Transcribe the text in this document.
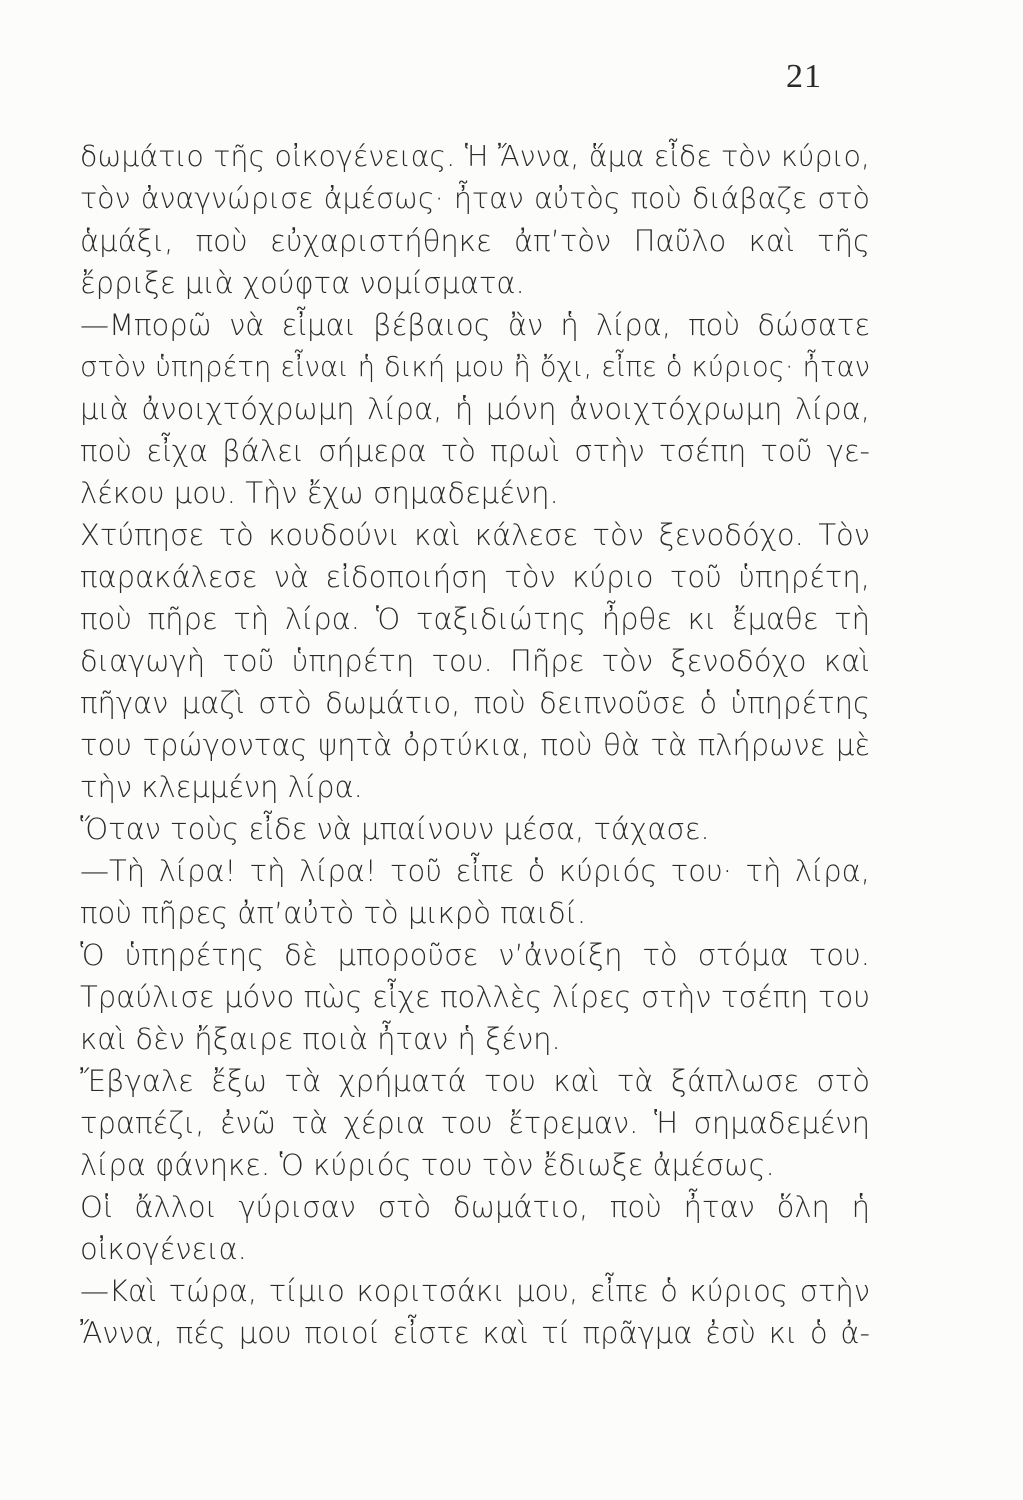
21
δωμάτιο τῆς οἰκογένειας. Ἡ Ἄννα, ἅμα εἶδε τὸν κύριο,
τὸν ἀναγνώρισε ἀμέσως· ἦταν αὐτὸς ποὺ διάβαζε στὸ
ἁμάξι, ποὺ εὐχαριστήθηκε ἀπ’τὸν Παῦλο καὶ τῆς
ἔρριξε μιὰ χούφτα νομίσματα.
—Μπορῶ νὰ εἶμαι βέβαιος ἂν ἡ λίρα, ποὺ δώσατε
στὸν ὑπηρέτη εἶναι ἡ δική μου ἢ ὄχι, εἶπε ὁ κύριος· ἦταν
μιὰ ἀνοιχτόχρωμη λίρα, ἡ μόνη ἀνοιχτόχρωμη λίρα,
ποὺ εἶχα βάλει σήμερα τὸ πρωὶ στὴν τσέπη τοῦ γε-
λέκου μου. Τὴν ἔχω σημαδεμένη.
Χτύπησε τὸ κουδούνι καὶ κάλεσε τὸν ξενοδόχο. Τὸν
παρακάλεσε νὰ εἰδοποιήση τὸν κύριο τοῦ ὑπηρέτη,
ποὺ πῆρε τὴ λίρα. Ὁ ταξιδιώτης ἦρθε κι ἔμαθε τὴ
διαγωγὴ τοῦ ὑπηρέτη του. Πῆρε τὸν ξενοδόχο καὶ
πῆγαν μαζὶ στὸ δωμάτιο, ποὺ δειπνοῦσε ὁ ὑπηρέτης
του τρώγοντας ψητὰ ὀρτύκια, ποὺ θὰ τὰ πλήρωνε μὲ
τὴν κλεμμένη λίρα.
Ὅταν τοὺς εἶδε νὰ μπαίνουν μέσα, τάχασε.
—Τὴ λίρα! τὴ λίρα! τοῦ εἶπε ὁ κύριός του· τὴ λίρα,
ποὺ πῆρες ἀπ’αὐτὸ τὸ μικρὸ παιδί.
Ὁ ὑπηρέτης δὲ μποροῦσε ν’ἀνοίξη τὸ στόμα του.
Τραύλισε μόνο πὼς εἶχε πολλὲς λίρες στὴν τσέπη του
καὶ δὲν ἤξαιρε ποιὰ ἦταν ἡ ξένη.
Ἔβγαλε ἔξω τὰ χρήματά του καὶ τὰ ξάπλωσε στὸ
τραπέζι, ἐνῶ τὰ χέρια του ἔτρεμαν. Ἡ σημαδεμένη
λίρα φάνηκε. Ὁ κύριός του τὸν ἔδιωξε ἀμέσως.
Οἱ ἄλλοι γύρισαν στὸ δωμάτιο, ποὺ ἦταν ὅλη ἡ
οἰκογένεια.
—Καὶ τώρα, τίμιο κοριτσάκι μου, εἶπε ὁ κύριος στὴν
Ἄννα, πές μου ποιοί εἶστε καὶ τί πρᾶγμα ἐσὺ κι ὁ ἀ-
